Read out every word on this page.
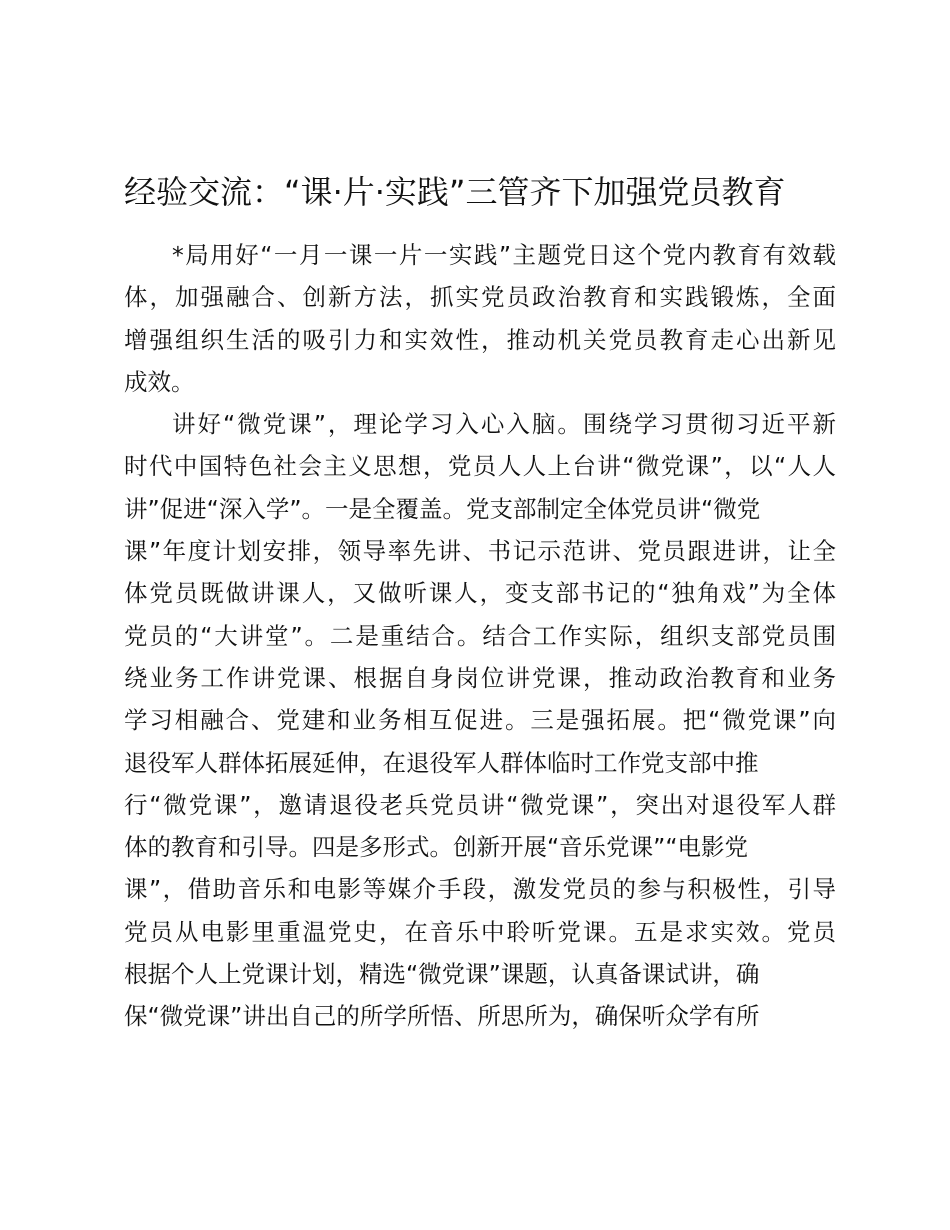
经验交流：“课·片·实践”三管齐下加强党员教育
*局用好“一月一课一片一实践”主题党日这个党内教育有效载
体，加强融合、创新方法，抓实党员政治教育和实践锻炼，全面
增强组织生活的吸引力和实效性，推动机关党员教育走心出新见
成效。
讲好“微党课”，理论学习入心入脑。围绕学习贯彻习近平新
时代中国特色社会主义思想，党员人人上台讲“微党课”，以“人人
讲”促进“深入学”。一是全覆盖。党支部制定全体党员讲“微党
课”年度计划安排，领导率先讲、书记示范讲、党员跟进讲，让全
体党员既做讲课人，又做听课人，变支部书记的“独角戏”为全体
党员的“大讲堂”。二是重结合。结合工作实际，组织支部党员围
绕业务工作讲党课、根据自身岗位讲党课，推动政治教育和业务
学习相融合、党建和业务相互促进。三是强拓展。把“微党课”向
退役军人群体拓展延伸，在退役军人群体临时工作党支部中推
行“微党课”，邀请退役老兵党员讲“微党课”，突出对退役军人群
体的教育和引导。四是多形式。创新开展“音乐党课”“电影党
课”，借助音乐和电影等媒介手段，激发党员的参与积极性，引导
党员从电影里重温党史，在音乐中聆听党课。五是求实效。党员
根据个人上党课计划，精选“微党课”课题，认真备课试讲，确
保“微党课”讲出自己的所学所悟、所思所为，确保听众学有所
